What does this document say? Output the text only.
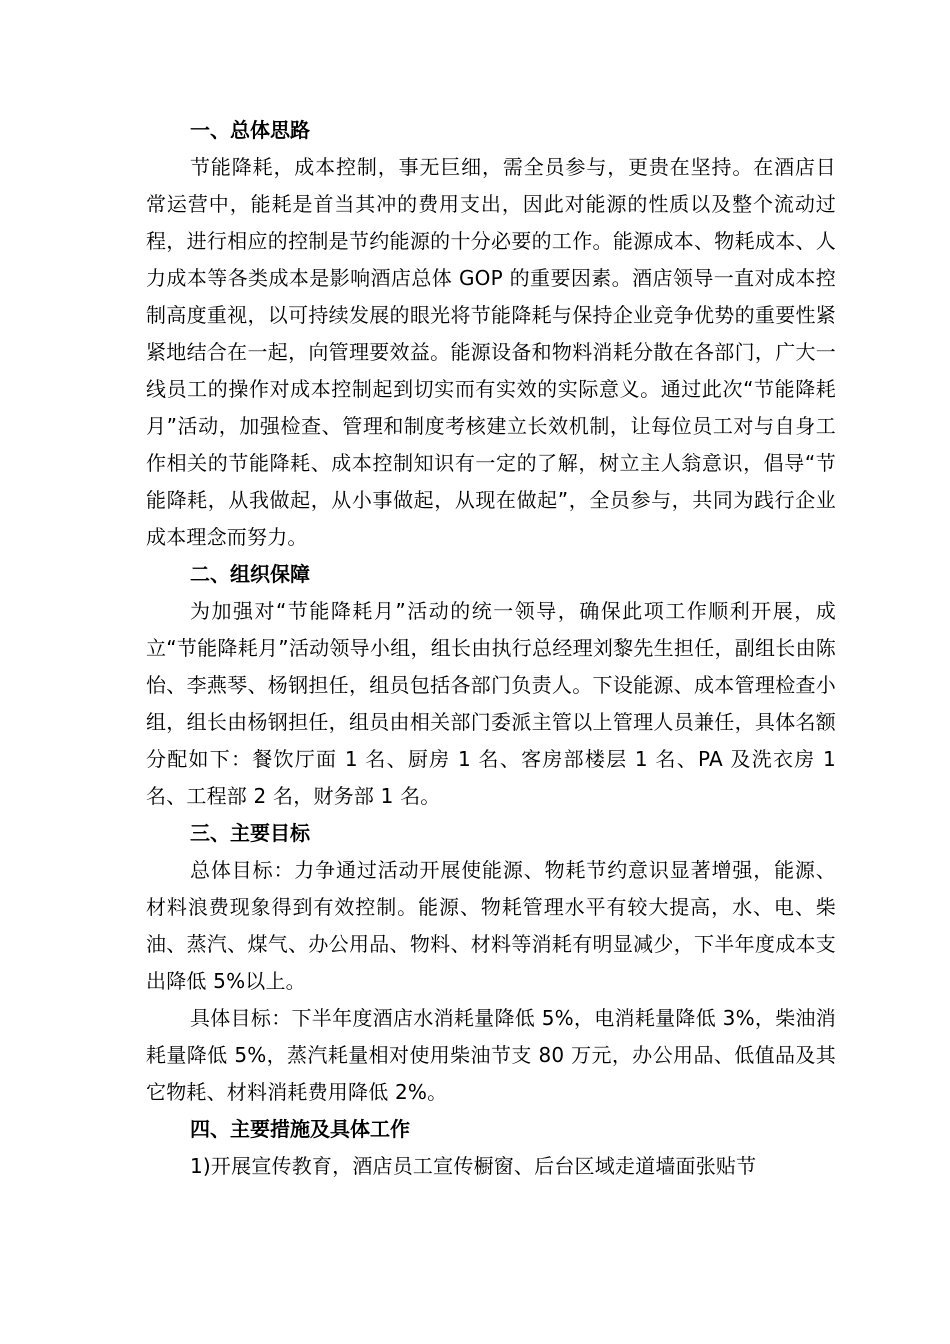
一、总体思路

节能降耗，成本控制，事无巨细，需全员参与，更贵在坚持。在酒店日常运营中，能耗是首当其冲的费用支出，因此对能源的性质以及整个流动过程，进行相应的控制是节约能源的十分必要的工作。能源成本、物耗成本、人力成本等各类成本是影响酒店总体 GOP 的重要因素。酒店领导一直对成本控制高度重视，以可持续发展的眼光将节能降耗与保持企业竞争优势的重要性紧紧地结合在一起，向管理要效益。能源设备和物料消耗分散在各部门，广大一线员工的操作对成本控制起到切实而有实效的实际意义。通过此次“节能降耗月”活动，加强检查、管理和制度考核建立长效机制，让每位员工对与自身工作相关的节能降耗、成本控制知识有一定的了解，树立主人翁意识，倡导“节能降耗，从我做起，从小事做起，从现在做起”，全员参与，共同为践行企业成本理念而努力。

二、组织保障

为加强对“节能降耗月”活动的统一领导，确保此项工作顺利开展，成立“节能降耗月”活动领导小组，组长由执行总经理刘黎先生担任，副组长由陈怡、李燕琴、杨钢担任，组员包括各部门负责人。下设能源、成本管理检查小组，组长由杨钢担任，组员由相关部门委派主管以上管理人员兼任，具体名额分配如下：餐饮厅面 1 名、厨房 1 名、客房部楼层 1 名、PA 及洗衣房 1 名、工程部 2 名，财务部 1 名。

三、主要目标

总体目标：力争通过活动开展使能源、物耗节约意识显著增强，能源、材料浪费现象得到有效控制。能源、物耗管理水平有较大提高，水、电、柴油、蒸汽、煤气、办公用品、物料、材料等消耗有明显减少，下半年度成本支出降低 5%以上。

具体目标：下半年度酒店水消耗量降低 5%，电消耗量降低 3%，柴油消耗量降低 5%，蒸汽耗量相对使用柴油节支 80 万元，办公用品、低值品及其它物耗、材料消耗费用降低 2%。

四、主要措施及具体工作

1)开展宣传教育，酒店员工宣传橱窗、后台区域走道墙面张贴节
